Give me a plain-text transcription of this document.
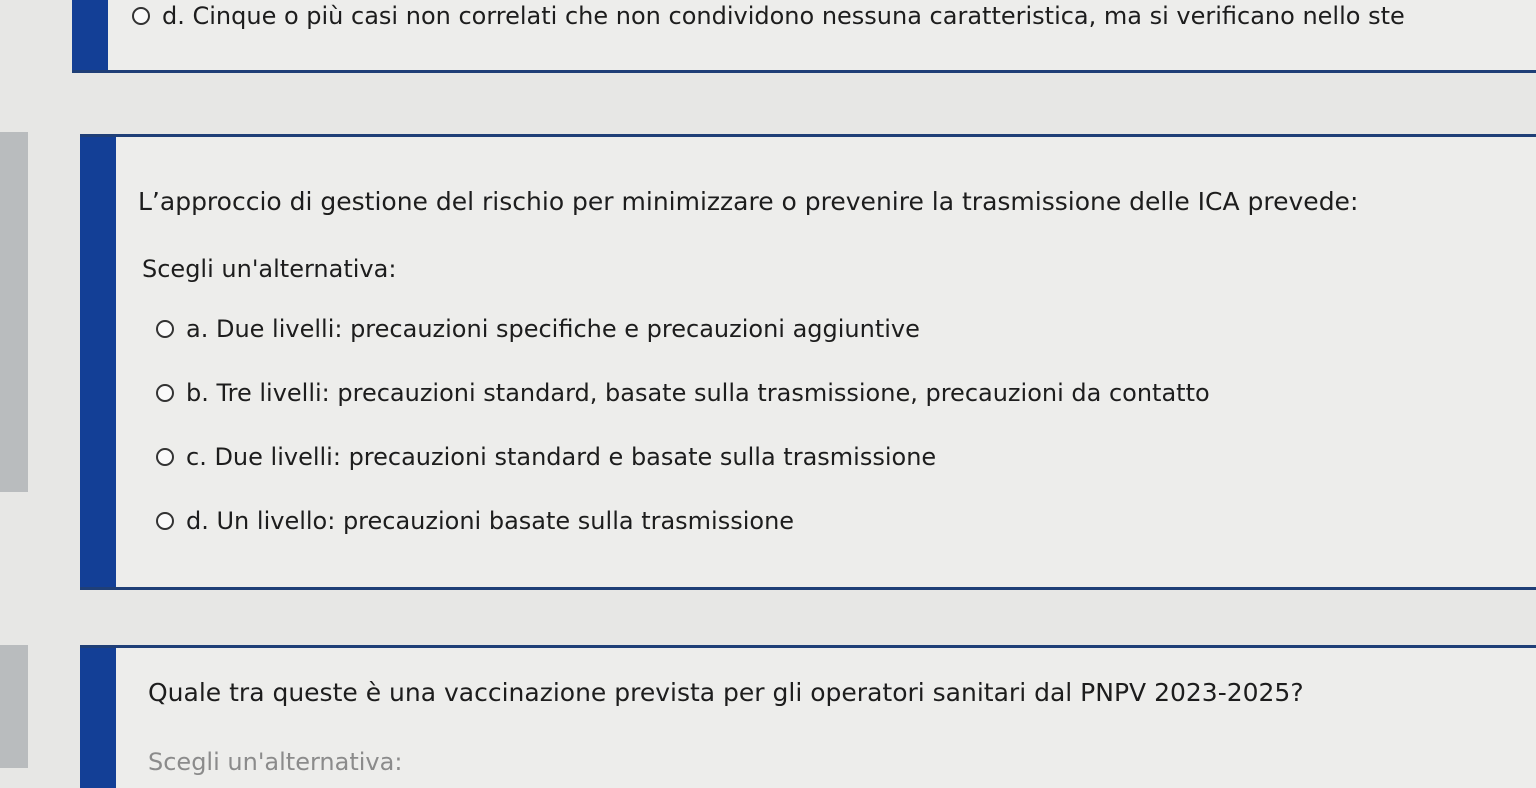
d. Cinque o più casi non correlati che non condividono nessuna caratteristica, ma si verificano nello ste
L’approccio di gestione del rischio per minimizzare o prevenire la trasmissione delle ICA prevede:
Scegli un'alternativa:
a. Due livelli: precauzioni specifiche e precauzioni aggiuntive
b. Tre livelli: precauzioni standard, basate sulla trasmissione, precauzioni da contatto
c. Due livelli: precauzioni standard e basate sulla trasmissione
d. Un livello: precauzioni basate sulla trasmissione
Quale tra queste è una vaccinazione prevista per gli operatori sanitari dal PNPV 2023-2025?
Scegli un'alternativa:
